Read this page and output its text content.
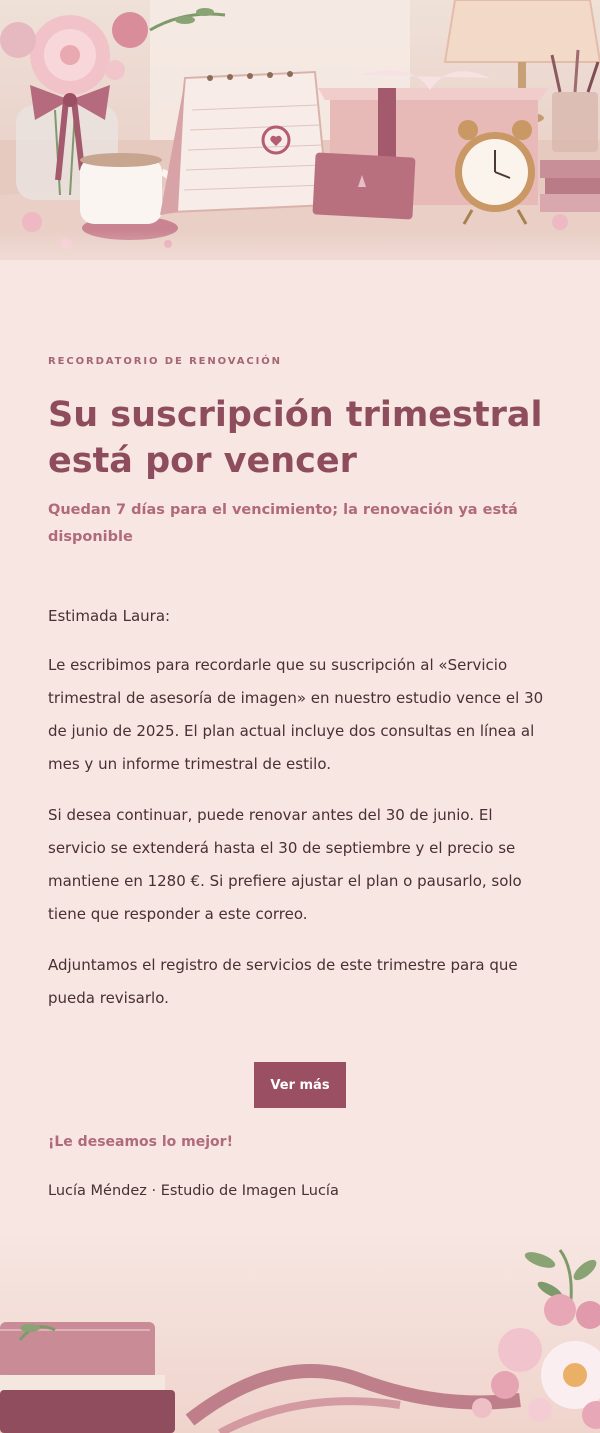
RECORDATORIO DE RENOVACIÓN
Su suscripción trimestral está por vencer

Quedan 7 días para el vencimiento; la renovación ya está disponible

Estimada Laura:

Le escribimos para recordarle que su suscripción al «Servicio trimestral de asesoría de imagen» en nuestro estudio vence el 30 de junio de 2025. El plan actual incluye dos consultas en línea al mes y un informe trimestral de estilo.

Si desea continuar, puede renovar antes del 30 de junio. El servicio se extenderá hasta el 30 de septiembre y el precio se mantiene en 1280 €. Si prefiere ajustar el plan o pausarlo, solo tiene que responder a este correo.

Adjuntamos el registro de servicios de este trimestre para que pueda revisarlo.

Ver más
¡Le deseamos lo mejor!
Lucía Méndez · Estudio de Imagen Lucía
